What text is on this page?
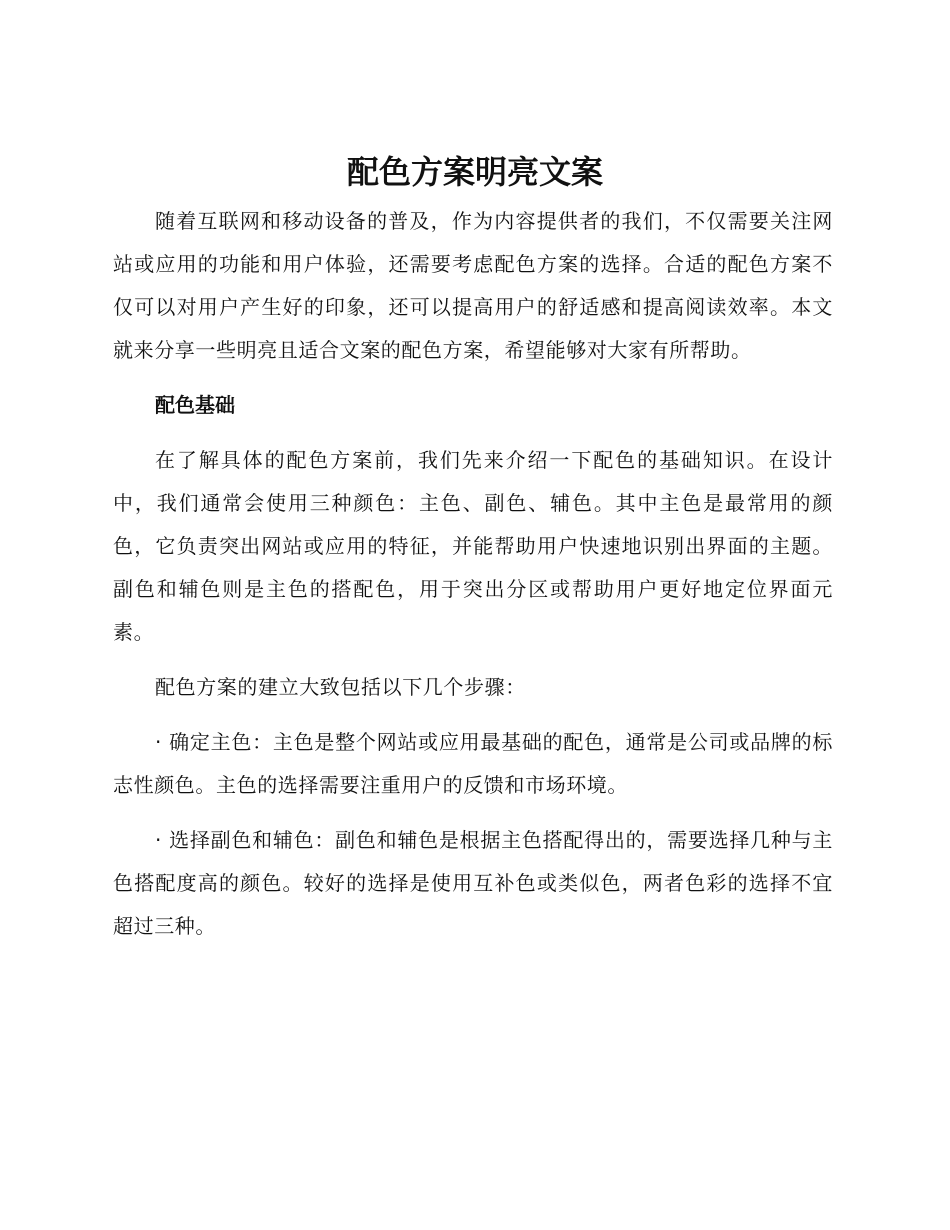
配色方案明亮文案

随着互联网和移动设备的普及，作为内容提供者的我们，不仅需要关注网站或应用的功能和用户体验，还需要考虑配色方案的选择。合适的配色方案不仅可以对用户产生好的印象，还可以提高用户的舒适感和提高阅读效率。本文就来分享一些明亮且适合文案的配色方案，希望能够对大家有所帮助。

配色基础

在了解具体的配色方案前，我们先来介绍一下配色的基础知识。在设计中，我们通常会使用三种颜色：主色、副色、辅色。其中主色是最常用的颜色，它负责突出网站或应用的特征，并能帮助用户快速地识别出界面的主题。副色和辅色则是主色的搭配色，用于突出分区或帮助用户更好地定位界面元素。

配色方案的建立大致包括以下几个步骤：

· 确定主色：主色是整个网站或应用最基础的配色，通常是公司或品牌的标志性颜色。主色的选择需要注重用户的反馈和市场环境。

· 选择副色和辅色：副色和辅色是根据主色搭配得出的，需要选择几种与主色搭配度高的颜色。较好的选择是使用互补色或类似色，两者色彩的选择不宜超过三种。
